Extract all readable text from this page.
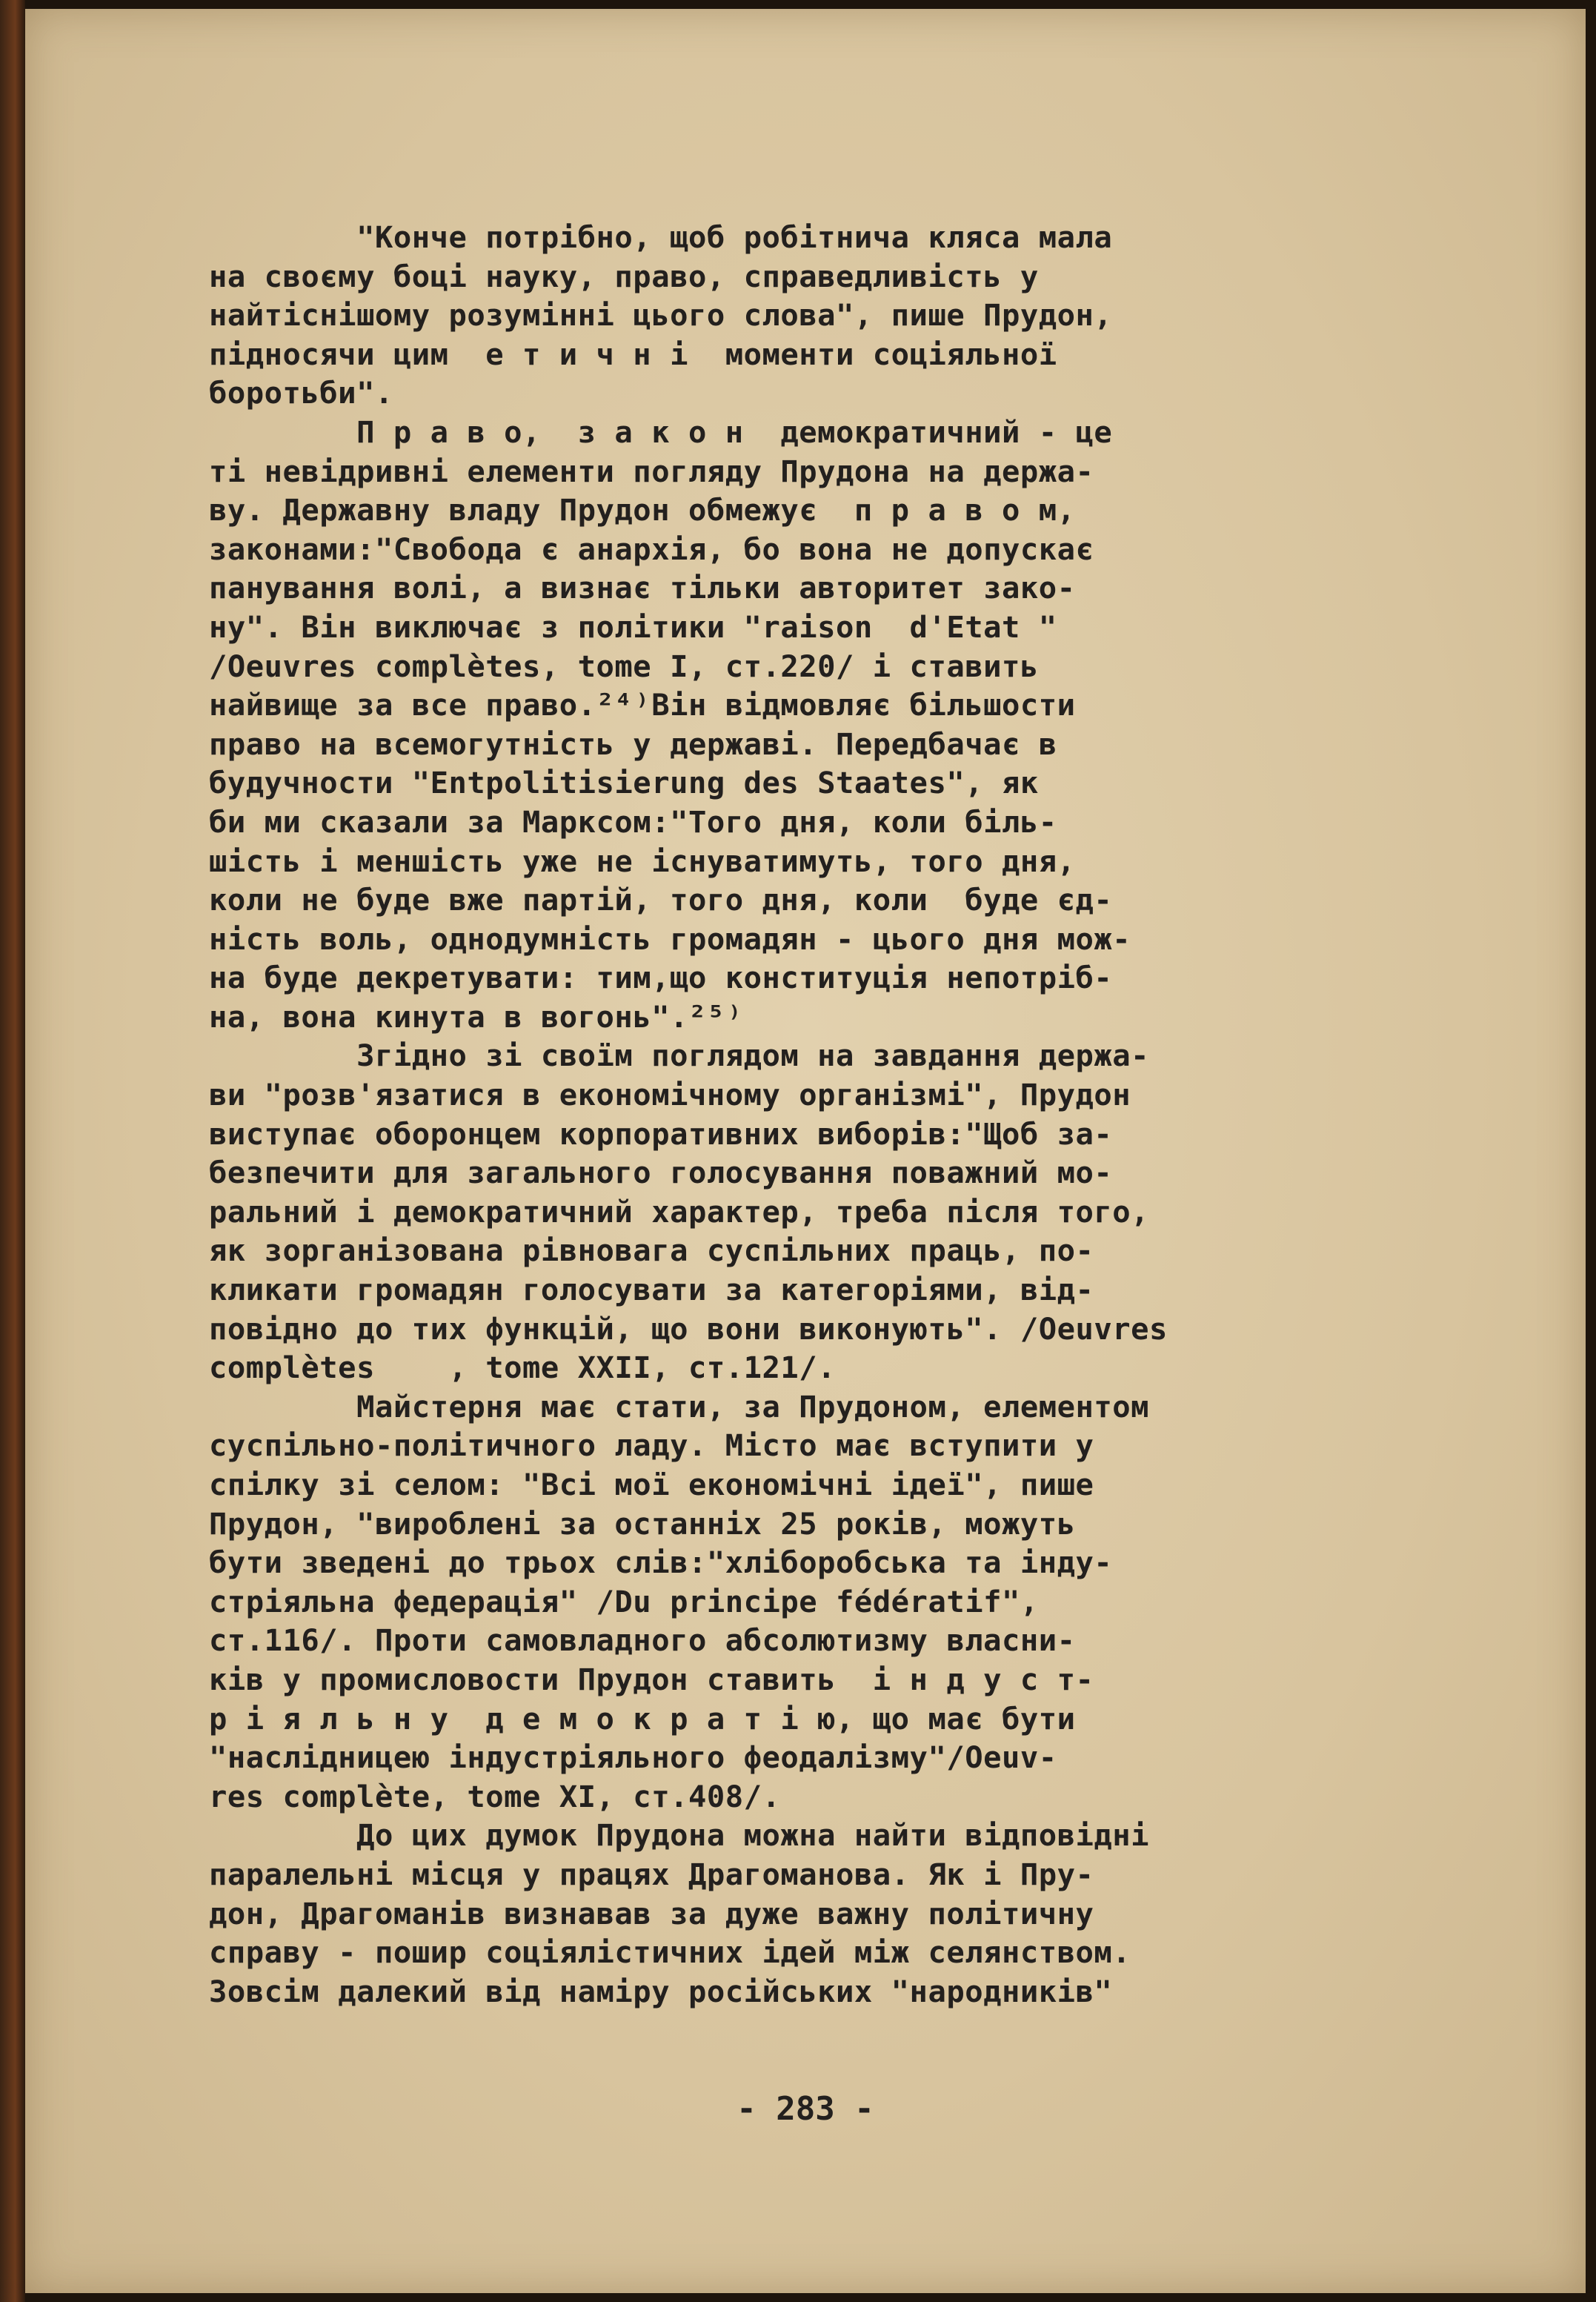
"Конче потрібно, щоб робітнича кляса мала
на своєму боці науку, право, справедливість у
найтіснішому розумінні цього слова", пише Прудон,
підносячи цим  е т и ч н і  моменти соціяльної
боротьби".
П р а в о,  з а к о н  демократичний - це
ті невідривні елементи погляду Прудона на держа-
ву. Державну владу Прудон обмежує  п р а в о м,
законами:"Свобода є анархія, бо вона не допускає
панування волі, а визнає тільки авторитет зако-
ну". Він виключає з політики "raison  d'Etat "
/Oeuvres complètes, tome I, ст.220/ і ставить
найвище за все право.²⁴⁾Він відмовляє більшости
право на всемогутність у державі. Передбачає в
будучности "Entpolitisierung des Staates", як
би ми сказали за Марксом:"Того дня, коли біль-
шість і меншість уже не існуватимуть, того дня,
коли не буде вже партій, того дня, коли  буде єд-
ність воль, однодумність громадян - цього дня мож-
на буде декретувати: тим,що конституція непотріб-
на, вона кинута в вогонь".²⁵⁾
Згідно зі своїм поглядом на завдання держа-
ви "розв'язатися в економічному організмі", Прудон
виступає оборонцем корпоративних виборів:"Щоб за-
безпечити для загального голосування поважний мо-
ральний і демократичний характер, треба після того,
як зорганізована рівновага суспільних праць, по-
кликати громадян голосувати за категоріями, від-
повідно до тих функцій, що вони виконують". /Oeuvres
complètes    , tome XXII, ст.121/.
Майстерня має стати, за Прудоном, елементом
суспільно-політичного ладу. Місто має вступити у
спілку зі селом: "Всі мої економічні ідеї", пише
Прудон, "вироблені за останніх 25 років, можуть
бути зведені до трьох слів:"хліборобська та інду-
стріяльна федерація" /Du principe fédératif",
ст.116/. Проти самовладного абсолютизму власни-
ків у промисловости Прудон ставить  і н д у с т-
р і я л ь н у  д е м о к р а т і ю, що має бути
"наслідницею індустріяльного феодалізму"/Oeuv-
res complète, tome XI, ст.408/.
До цих думок Прудона можна найти відповідні
паралельні місця у працях Драгоманова. Як і Пру-
дон, Драгоманів визнавав за дуже важну політичну
справу - пошир соціялістичних ідей між селянством.
Зовсім далекий від наміру російських "народників"
- 283 -
